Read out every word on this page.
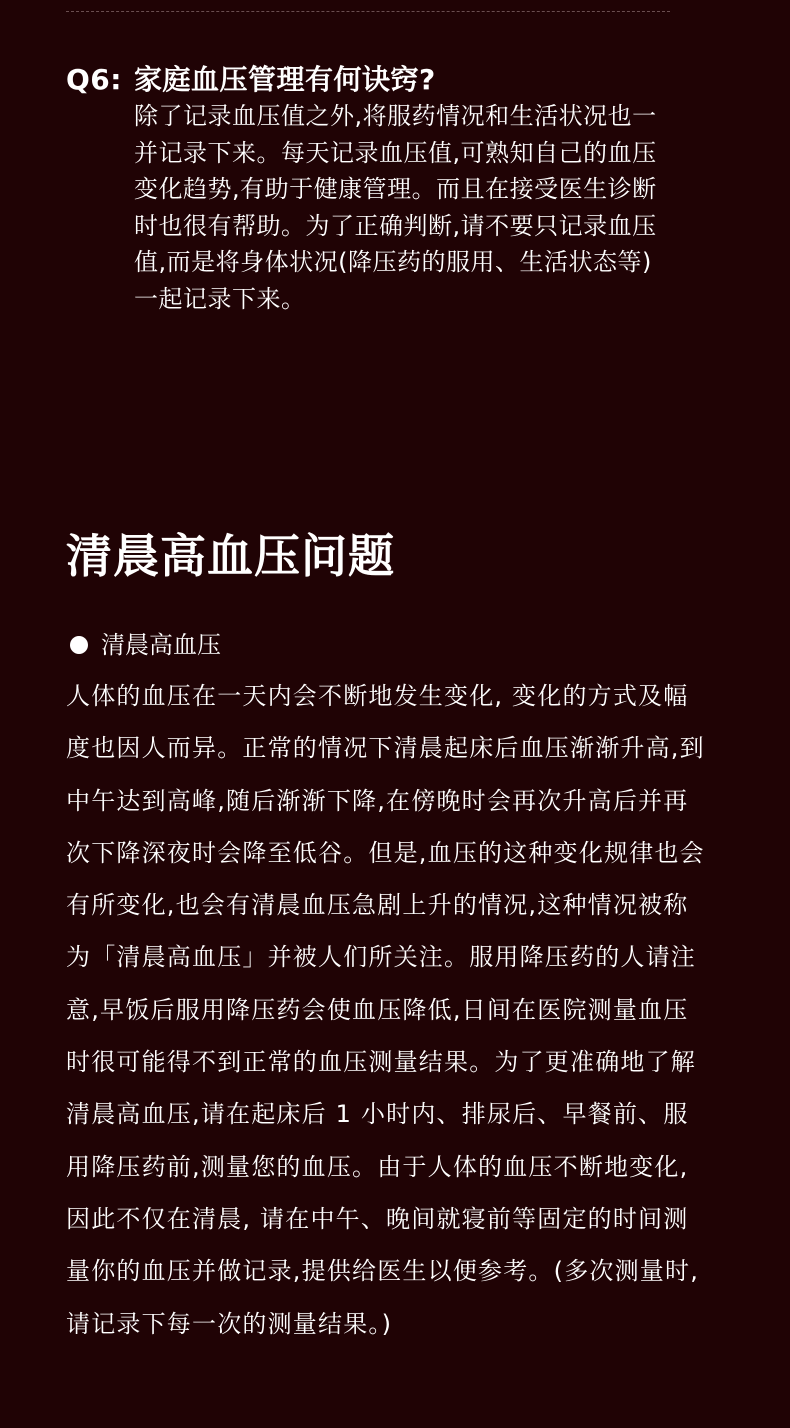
Q6: 家庭血压管理有何诀窍?
除了记录血压值之外,将服药情况和生活状况也一并记录下来。每天记录血压值,可熟知自己的血压变化趋势,有助于健康管理。而且在接受医生诊断时也很有帮助。为了正确判断,请不要只记录血压值,而是将身体状况(降压药的服用、生活状态等)一起记录下来。
清晨高血压问题
清晨高血压
人体的血压在一天内会不断地发生变化, 变化的方式及幅度也因人而异。正常的情况下清晨起床后血压渐渐升高,到中午达到高峰,随后渐渐下降,在傍晚时会再次升高后并再次下降深夜时会降至低谷。但是,血压的这种变化规律也会有所变化,也会有清晨血压急剧上升的情况,这种情况被称为「清晨高血压」并被人们所关注。服用降压药的人请注意,早饭后服用降压药会使血压降低,日间在医院测量血压时很可能得不到正常的血压测量结果。为了更准确地了解清晨高血压,请在起床后 1 小时内、排尿后、早餐前、服用降压药前,测量您的血压。由于人体的血压不断地变化,因此不仅在清晨, 请在中午、晚间就寝前等固定的时间测量你的血压并做记录,提供给医生以便参考。(多次测量时,请记录下每一次的测量结果。)
